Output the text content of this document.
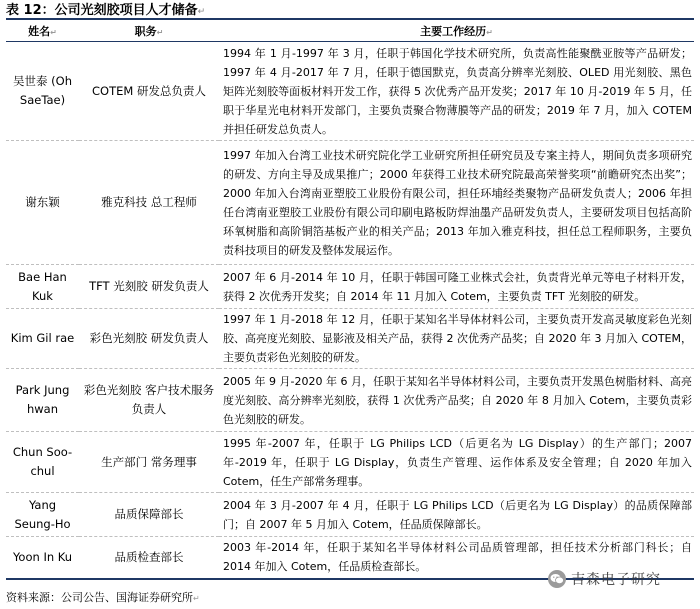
表 12：公司光刻胶项目人才储备↵
姓名↵	职务↵	主要工作经历↵
吴世泰 (Oh SaeTae)	COTEM 研发总负责人	1994 年 1 月-1997 年 3 月，任职于韩国化学技术研究所，负责高性能聚酰亚胺等产品研发；1997 年 4 月-2017 年 7 月，任职于德国默克，负责高分辨率光刻胶、OLED 用光刻胶、黑色矩阵光刻胶等面板材料开发工作，获得 5 次优秀产品开发奖；2017 年 10 月-2019 年 5 月，任职于华星光电材料开发部门，主要负责聚合物薄膜等产品的研发；2019 年 7 月，加入 COTEM 并担任研发总负责人。
谢东颖	雅克科技 总工程师	1997 年加入台湾工业技术研究院化学工业研究所担任研究员及专案主持人，期间负责多项研究的研发、方向主导及成果推广；2000 年获得工业技术研究院最高荣誉奖项“前瞻研究杰出奖”；2000 年加入台湾南亚塑胶工业股份有限公司，担任环埔经类聚物产品研发负责人；2006 年担任台湾南亚塑胶工业股份有限公司印刷电路板防焊油墨产品研发负责人，主要研发项目包括高阶环氧树脂和高阶铜箔基板产业的相关产品；2013 年加入雅克科技，担任总工程师职务，主要负责科技项目的研发及整体发展运作。
Bae Han Kuk	TFT 光刻胶 研发负责人	2007 年 6 月-2014 年 10 月，任职于韩国可隆工业株式会社，负责背光单元等电子材料开发，获得 2 次优秀开发奖；自 2014 年 11 月加入 Cotem，主要负责 TFT 光刻胶的研发。
Kim Gil rae	彩色光刻胶 研发负责人	1997 年 1 月-2018 年 12 月，任职于某知名半导体材料公司，主要负责开发高灵敏度彩色光刻胶、高亮度光刻胶、显影液及相关产品，获得 2 次优秀产品奖；自 2020 年 3 月加入 COTEM，主要负责彩色光刻胶的研发。
Park Jung hwan	彩色光刻胶 客户技术服务负责人	2005 年 9 月-2020 年 6 月，任职于某知名半导体材料公司，主要负责开发黑色树脂材料、高亮度光刻胶、高分辨率光刻胶，获得 1 次优秀产品奖；自 2020 年 8 月加入 Cotem，主要负责彩色光刻胶的研发。
Chun Soo-chul	生产部门 常务理事	1995 年-2007 年，任职于 LG Philips LCD（后更名为 LG Display）的生产部门；2007 年-2019 年，任职于 LG Display，负责生产管理、运作体系及安全管理；自 2020 年加入 Cotem，任生产部常务理事。
Yang Seung-Ho	品质保障部长	2004 年 3 月-2007 年 4 月，任职于 LG Philips LCD（后更名为 LG Display）的品质保障部门；自 2007 年 5 月加入 Cotem，任品质保障部长。
Yoon In Ku	品质检查部长	2003 年-2014 年，任职于某知名半导体材料公司品质管理部，担任技术分析部门科长；自 2014 年加入 Cotem，任品质检查部长。
吉森电子研究
资料来源：公司公告、国海证券研究所↵
